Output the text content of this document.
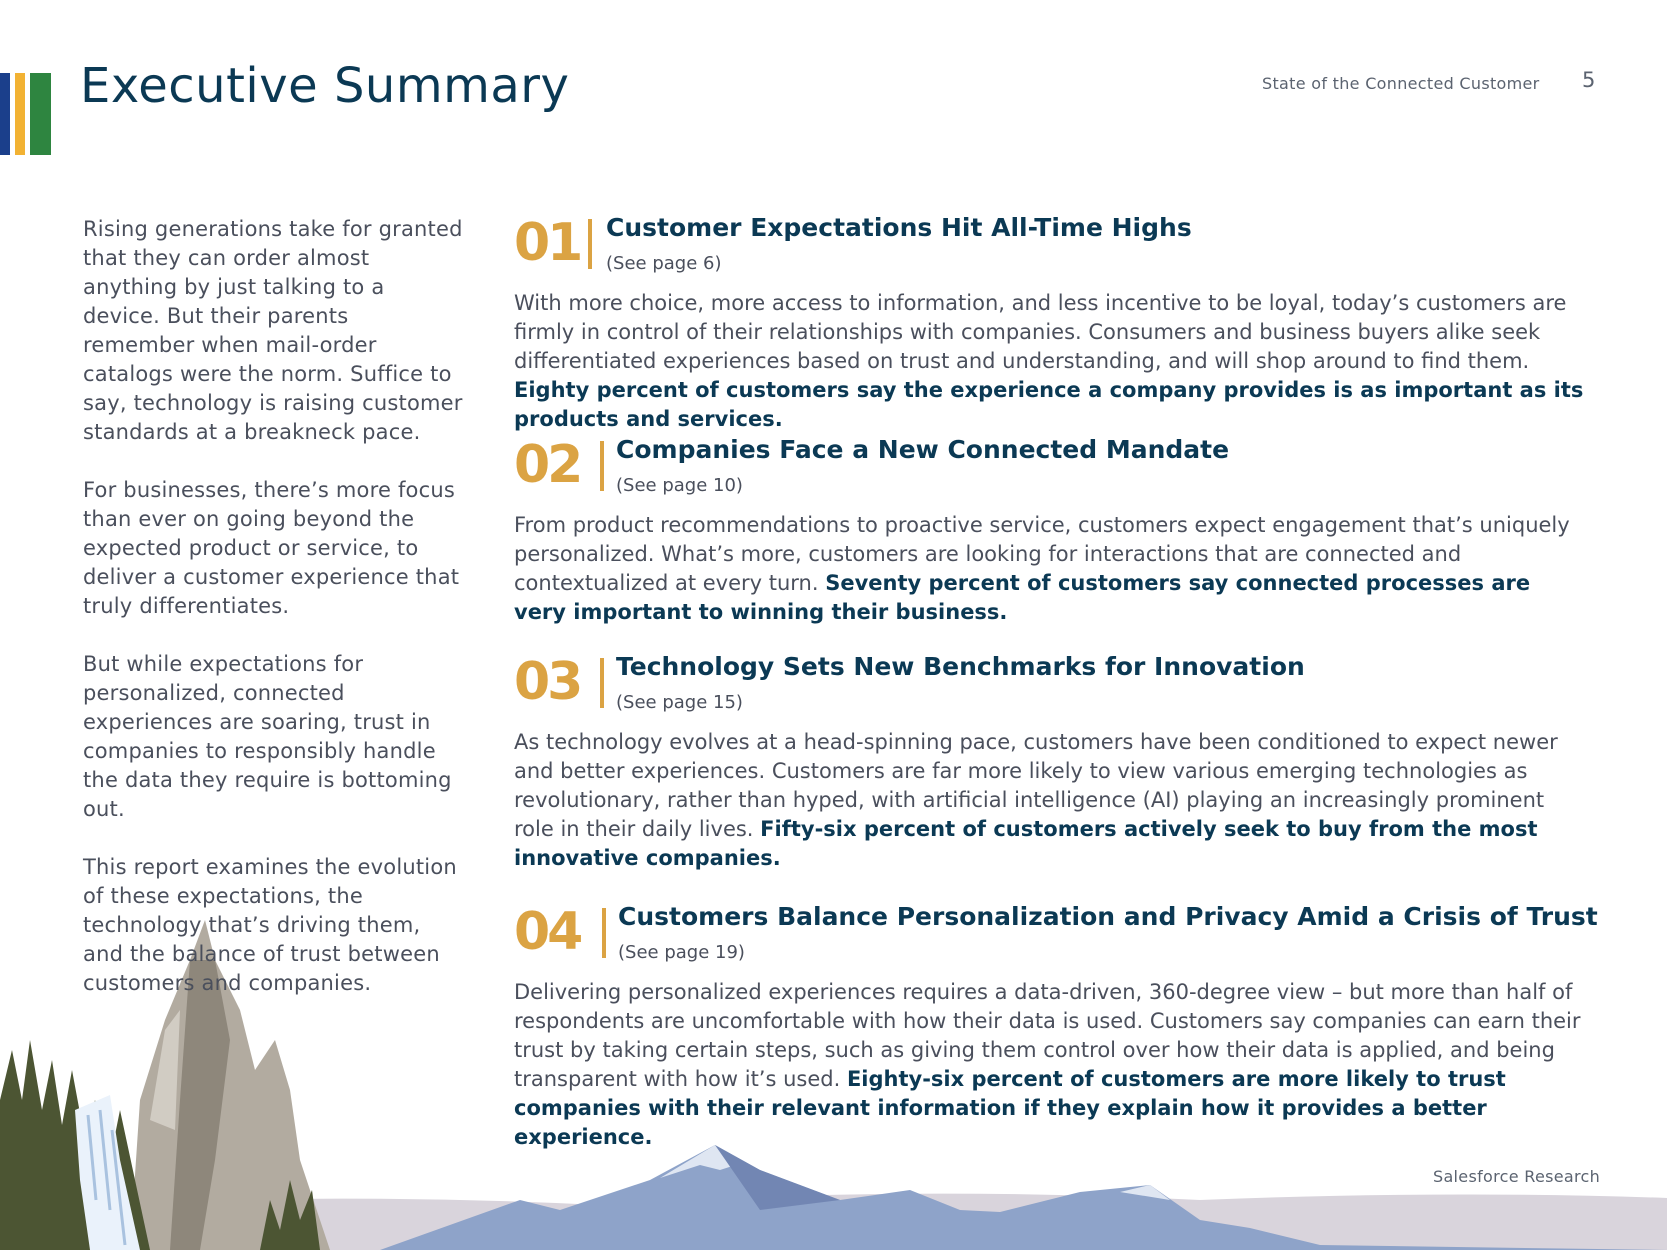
Executive Summary	State of the Connected Customer 5

Rising generations take for granted that they can order almost anything by just talking to a device. But their parents remember when mail-order catalogs were the norm. Suffice to say, technology is raising customer standards at a breakneck pace.

For businesses, there’s more focus than ever on going beyond the expected product or service, to deliver a customer experience that truly differentiates.

But while expectations for personalized, connected experiences are soaring, trust in companies to responsibly handle the data they require is bottoming out.

This report examines the evolution of these expectations, the technology that’s driving them, and the balance of trust between customers and companies.

01 Customer Expectations Hit All-Time Highs
(See page 6)

With more choice, more access to information, and less incentive to be loyal, today’s customers are firmly in control of their relationships with companies. Consumers and business buyers alike seek differentiated experiences based on trust and understanding, and will shop around to find them. Eighty percent of customers say the experience a company provides is as important as its products and services.

02 Companies Face a New Connected Mandate
(See page 10)

From product recommendations to proactive service, customers expect engagement that’s uniquely personalized. What’s more, customers are looking for interactions that are connected and contextualized at every turn. Seventy percent of customers say connected processes are very important to winning their business.

03 Technology Sets New Benchmarks for Innovation
(See page 15)

As technology evolves at a head-spinning pace, customers have been conditioned to expect newer and better experiences. Customers are far more likely to view various emerging technologies as revolutionary, rather than hyped, with artificial intelligence (AI) playing an increasingly prominent role in their daily lives. Fifty-six percent of customers actively seek to buy from the most innovative companies.

04 Customers Balance Personalization and Privacy Amid a Crisis of Trust
(See page 19)

Delivering personalized experiences requires a data-driven, 360-degree view – but more than half of respondents are uncomfortable with how their data is used. Customers say companies can earn their trust by taking certain steps, such as giving them control over how their data is applied, and being transparent with how it’s used. Eighty-six percent of customers are more likely to trust companies with their relevant information if they explain how it provides a better experience.

Salesforce Research
